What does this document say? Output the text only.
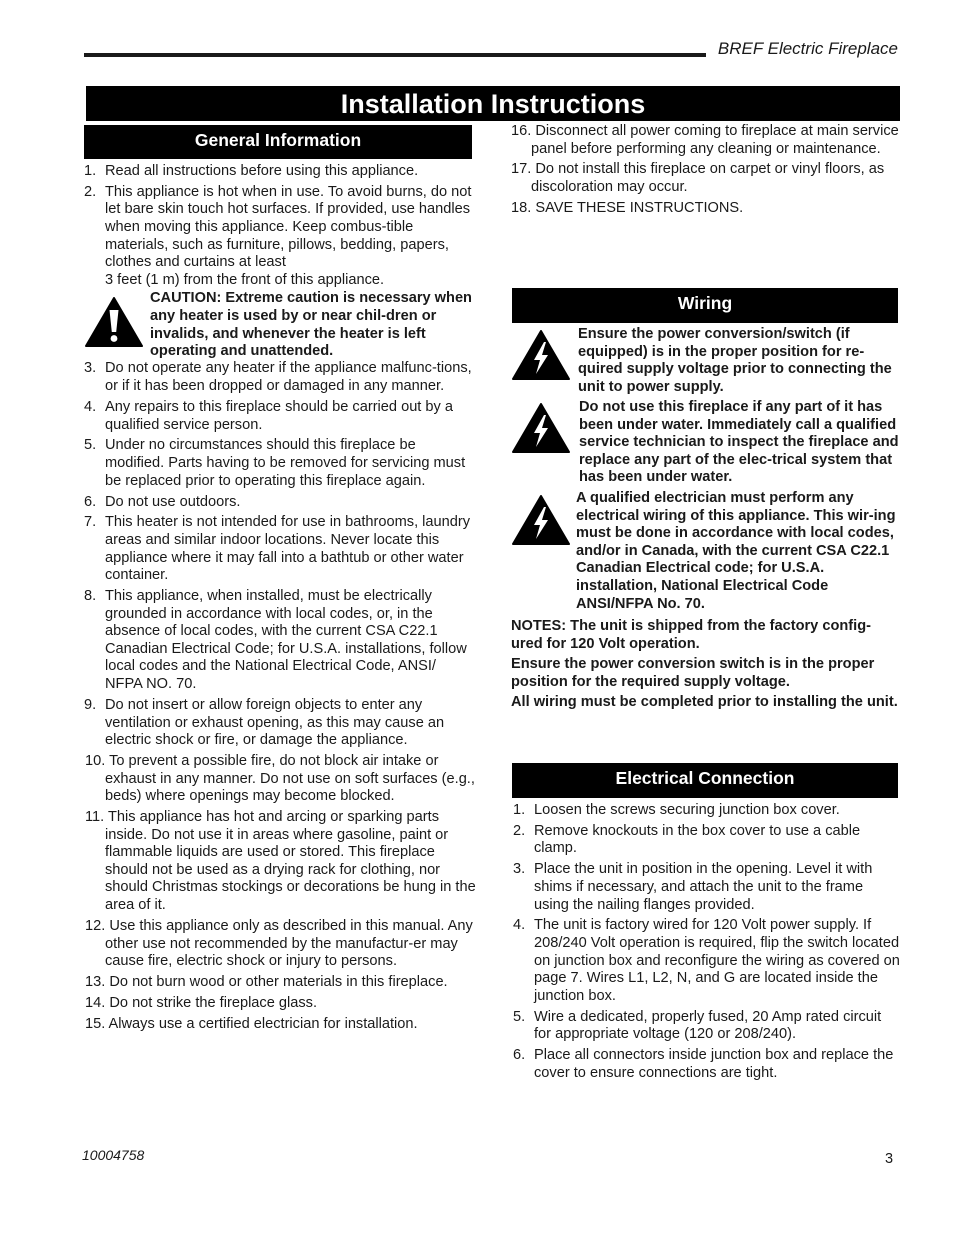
BREF Electric Fireplace
Installation Instructions
General Information
1. Read all instructions before using this appliance.
2. This appliance is hot when in use. To avoid burns, do not let bare skin touch hot surfaces. If provided, use handles when moving this appliance. Keep combus-tible materials, such as furniture, pillows, bedding, papers, clothes and curtains at least
3 feet (1 m) from the front of this appliance.
CAUTION: Extreme caution is necessary when any heater is used by or near chil-dren or invalids, and whenever the heater is left operating and unattended.
3. Do not operate any heater if the appliance malfunc-tions, or if it has been dropped or damaged in any manner.
4. Any repairs to this fireplace should be carried out by a qualified service person.
5. Under no circumstances should this fireplace be modified. Parts having to be removed for servicing must be replaced prior to operating this fireplace again.
6. Do not use outdoors.
7. This heater is not intended for use in bathrooms, laundry areas and similar indoor locations. Never locate this appliance where it may fall into a bathtub or other water container.
8. This appliance, when installed, must be electrically grounded in accordance with local codes, or, in the absence of local codes, with the current CSA C22.1 Canadian Electrical Code; for U.S.A. installations, follow local codes and the National Electrical Code, ANSI/ NFPA NO. 70.
9. Do not insert or allow foreign objects to enter any ventilation or exhaust opening, as this may cause an electric shock or fire, or damage the appliance.
10. To prevent a possible fire, do not block air intake or exhaust in any manner. Do not use on soft surfaces (e.g., beds) where openings may become blocked.
11. This appliance has hot and arcing or sparking parts inside. Do not use it in areas where gasoline, paint or flammable liquids are used or stored. This fireplace should not be used as a drying rack for clothing, nor should Christmas stockings or decorations be hung in the area of it.
12. Use this appliance only as described in this manual. Any other use not recommended by the manufactur-er may cause fire, electric shock or injury to persons.
13. Do not burn wood or other materials in this fireplace.
14. Do not strike the fireplace glass.
15. Always use a certified electrician for installation.
16. Disconnect all power coming to fireplace at main service panel before performing any cleaning or maintenance.
17. Do not install this fireplace on carpet or vinyl floors, as discoloration may occur.
18. SAVE THESE INSTRUCTIONS.
Wiring
Ensure the power conversion/switch (if equipped) is in the proper position for re-quired supply voltage prior to connecting the unit to power supply.
Do not use this fireplace if any part of it has been under water. Immediately call a qualified service technician to inspect the fireplace and replace any part of the elec-trical system that has been under water.
A qualified electrician must perform any electrical wiring of this appliance. This wir-ing must be done in accordance with local codes, and/or in Canada, with the current CSA C22.1 Canadian Electrical code; for U.S.A. installation, National Electrical Code ANSI/NFPA No. 70.

NOTES: The unit is shipped from the factory config-ured for 120 Volt operation.

Ensure the power conversion switch is in the proper position for the required supply voltage.

All wiring must be completed prior to installing the unit.

Electrical Connection
1. Loosen the screws securing junction box cover.
2. Remove knockouts in the box cover to use a cable clamp.
3. Place the unit in position in the opening. Level it with shims if necessary, and attach the unit to the frame using the nailing flanges provided.
4. The unit is factory wired for 120 Volt power supply. If 208/240 Volt operation is required, flip the switch located on junction box and reconfigure the wiring as covered on page 7. Wires L1, L2, N, and G are located inside the junction box.
5. Wire a dedicated, properly fused, 20 Amp rated circuit for appropriate voltage (120 or 208/240).
6. Place all connectors inside junction box and replace the cover to ensure connections are tight.
10004758	3
